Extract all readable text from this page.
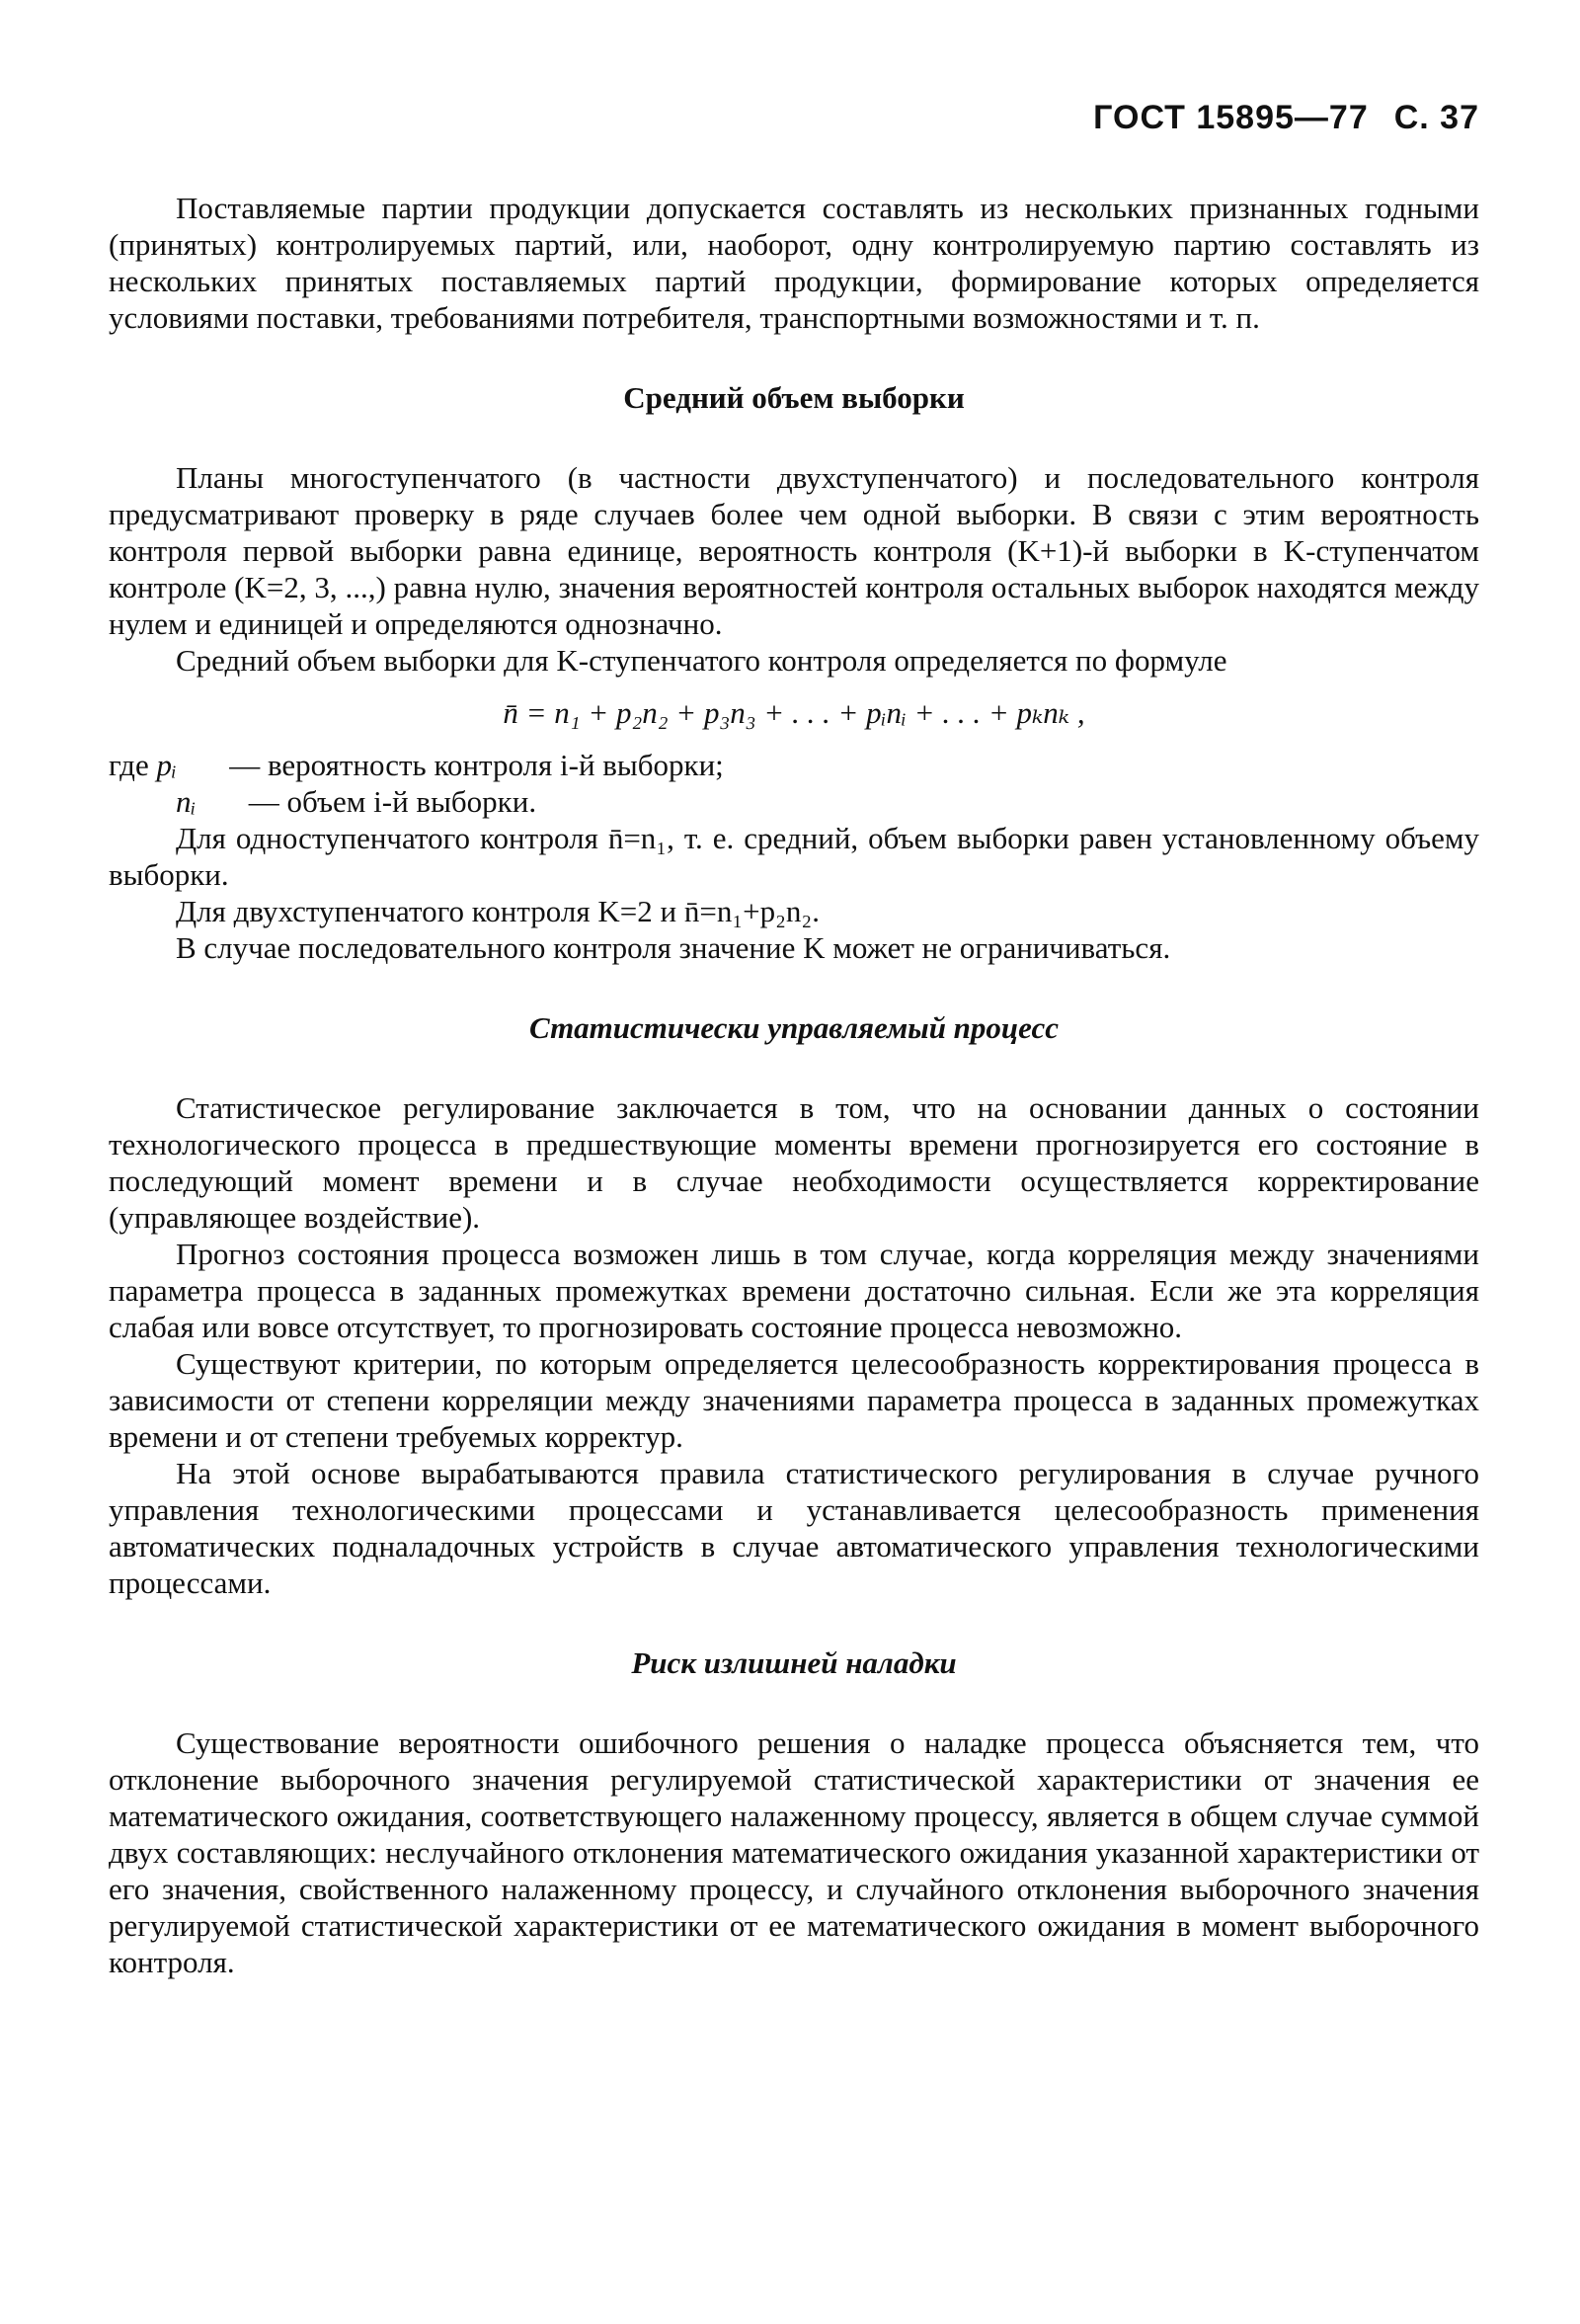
ГОСТ 15895—77 С. 37

Поставляемые партии продукции допускается составлять из нескольких признанных годными (принятых) контролируемых партий, или, наоборот, одну контролируемую партию составлять из нескольких принятых поставляемых партий продукции, формирование которых определяется условиями поставки, требованиями потребителя, транспортными возможностями и т. п.

Средний объем выборки

Планы многоступенчатого (в частности двухступенчатого) и последовательного контроля предусматривают проверку в ряде случаев более чем одной выборки. В связи с этим вероятность контроля первой выборки равна единице, вероятность контроля (K+1)-й выборки в K-ступенчатом контроле (K=2, 3, ...,) равна нулю, значения вероятностей контроля остальных выборок находятся между нулем и единицей и определяются однозначно.

Средний объем выборки для K-ступенчатого контроля определяется по формуле

n̄ = n₁ + p₂n₂ + p₃n₃ + . . . + pᵢnᵢ + . . . + pₖnₖ ,

где pᵢ — вероятность контроля i-й выборки;

nᵢ — объем i-й выборки.

Для одноступенчатого контроля n̄=n₁, т. е. средний, объем выборки равен установленному объему выборки.

Для двухступенчатого контроля K=2 и n̄=n₁+p₂n₂.

В случае последовательного контроля значение K может не ограничиваться.

Статистически управляемый процесс

Статистическое регулирование заключается в том, что на основании данных о состоянии технологического процесса в предшествующие моменты времени прогнозируется его состояние в последующий момент времени и в случае необходимости осуществляется корректирование (управляющее воздействие).

Прогноз состояния процесса возможен лишь в том случае, когда корреляция между значениями параметра процесса в заданных промежутках времени достаточно сильная. Если же эта корреляция слабая или вовсе отсутствует, то прогнозировать состояние процесса невозможно.

Существуют критерии, по которым определяется целесообразность корректирования процесса в зависимости от степени корреляции между значениями параметра процесса в заданных промежутках времени и от степени требуемых корректур.

На этой основе вырабатываются правила статистического регулирования в случае ручного управления технологическими процессами и устанавливается целесообразность применения автоматических подналадочных устройств в случае автоматического управления технологическими процессами.

Риск излишней наладки

Существование вероятности ошибочного решения о наладке процесса объясняется тем, что отклонение выборочного значения регулируемой статистической характеристики от значения ее математического ожидания, соответствующего налаженному процессу, является в общем случае суммой двух составляющих: неслучайного отклонения математического ожидания указанной характеристики от его значения, свойственного налаженному процессу, и случайного отклонения выборочного значения регулируемой статистической характеристики от ее математического ожидания в момент выборочного контроля.
